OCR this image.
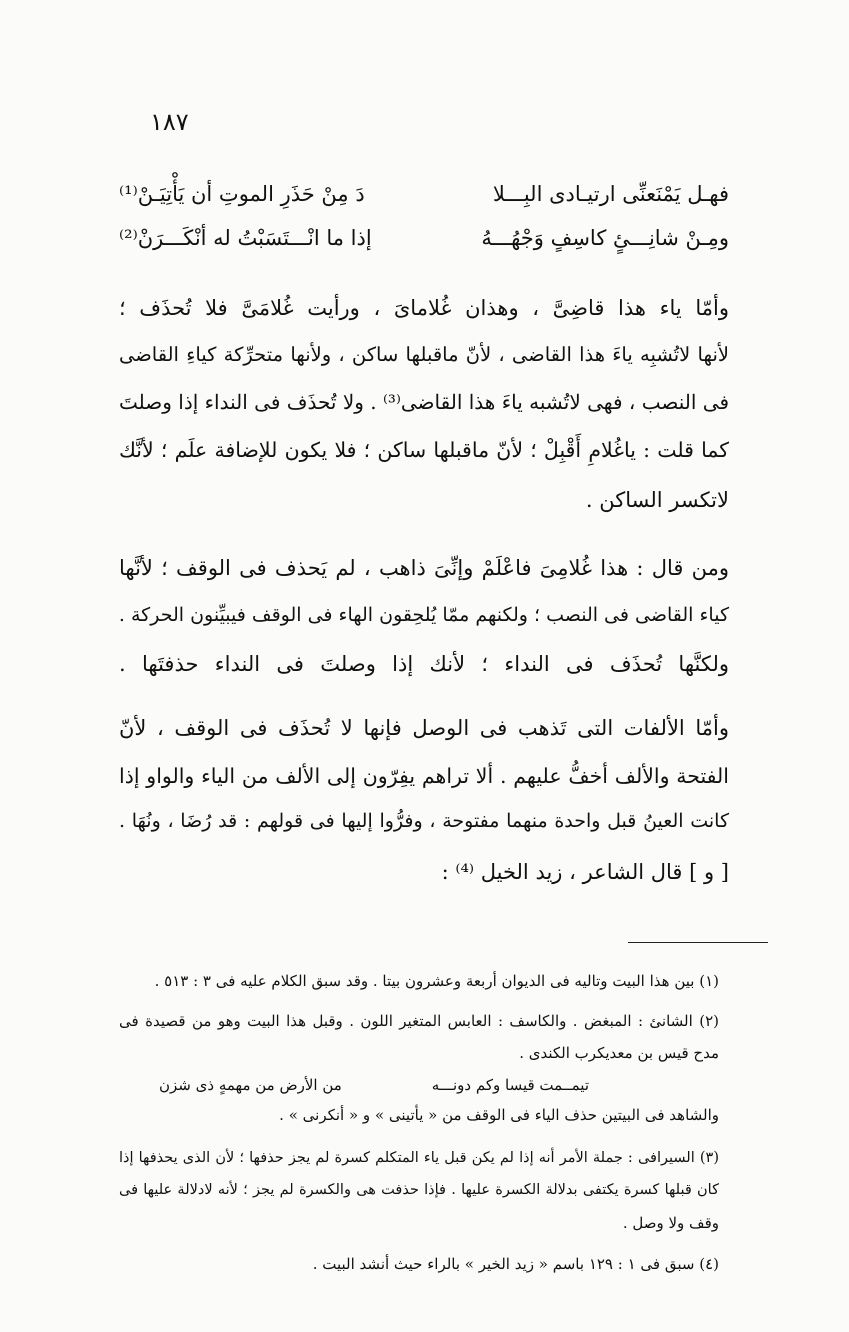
١٨٧
فهـل يَمْنَعنِّى ارتيـادى البِـــلا
دَ مِنْ حَذَرِ الموتِ أن يَأْتِيَـنْ⁽¹⁾
ومِـنْ شانِـــئٍ كاسِفٍ وَجْهُـــهُ
إذا ما انْـــتَسَبْتُ له أنْكَـــرَنْ⁽²⁾
وأمّا ياء هذا قاضِىَّ ، وهذان غُلاماىَ ، ورأيت غُلامَىَّ فلا تُحذَف ؛
لأنها لاتُشبِه ياءَ هذا القاضى ، لأنّ ماقبلها ساكن ، ولأنها متحرِّكة كياءِ القاضى
فى النصب ، فهى لاتُشبه ياءَ هذا القاضى⁽³⁾ . ولا تُحذَف فى النداء إذا وصلتَ
كما قلت : ياغُلامِ أَقْبِلْ ؛ لأنّ ماقبلها ساكن ؛ فلا يكون للإضافة علَم ؛ لأنَّك
لاتكسر الساكن .
ومن قال : هذا غُلامِىَ فاعْلَمْ وإنِّىَ ذاهب ، لم يَحذف فى الوقف ؛ لأنَّها
كياء القاضى فى النصب ؛ ولكنهم ممّا يُلحِقون الهاء فى الوقف فيبيِّنون الحركة .
ولكنَّها تُحذَف فى النداء ؛ لأنك إذا وصلتَ فى النداء حذفتَها .
وأمّا الألفات التى تَذهب فى الوصل فإنها لا تُحذَف فى الوقف ، لأنّ
الفتحة والألف أخفُّ عليهم . ألا تراهم يفِرّون إلى الألف من الياء والواو إذا
كانت العينُ قبل واحدة منهما مفتوحة ، وفرُّوا إليها فى قولهم : قد رُضَا ، ونُهَا .
[ و ] قال الشاعر ، زيد الخيل ⁽⁴⁾ :
(١) بين هذا البيت وتاليه فى الديوان أربعة وعشرون بيتا . وقد سبق الكلام عليه فى ٣ : ٥١٣ .
(٢) الشانئ : المبغض . والكاسف : العابس المتغير اللون . وقبل هذا البيت وهو من قصيدة فى
مدح قيس بن معديكرب الكندى .
تيمــمت قيسا وكم دونـــه
من الأرض من مهمهٍ ذى شزن
والشاهد فى البيتين حذف الياء فى الوقف من « يأتينى » و « أنكرنى » .
(٣) السيرافى : جملة الأمر أنه إذا لم يكن قبل ياء المتكلم كسرة لم يجز حذفها ؛ لأن الذى يحذفها إذا
كان قبلها كسرة يكتفى بدلالة الكسرة عليها . فإذا حذفت هى والكسرة لم يجز ؛ لأنه لادلالة عليها فى
وقف ولا وصل .
(٤) سبق فى ١ : ١٢٩ باسم « زيد الخير » بالراء حيث أنشد البيت .
